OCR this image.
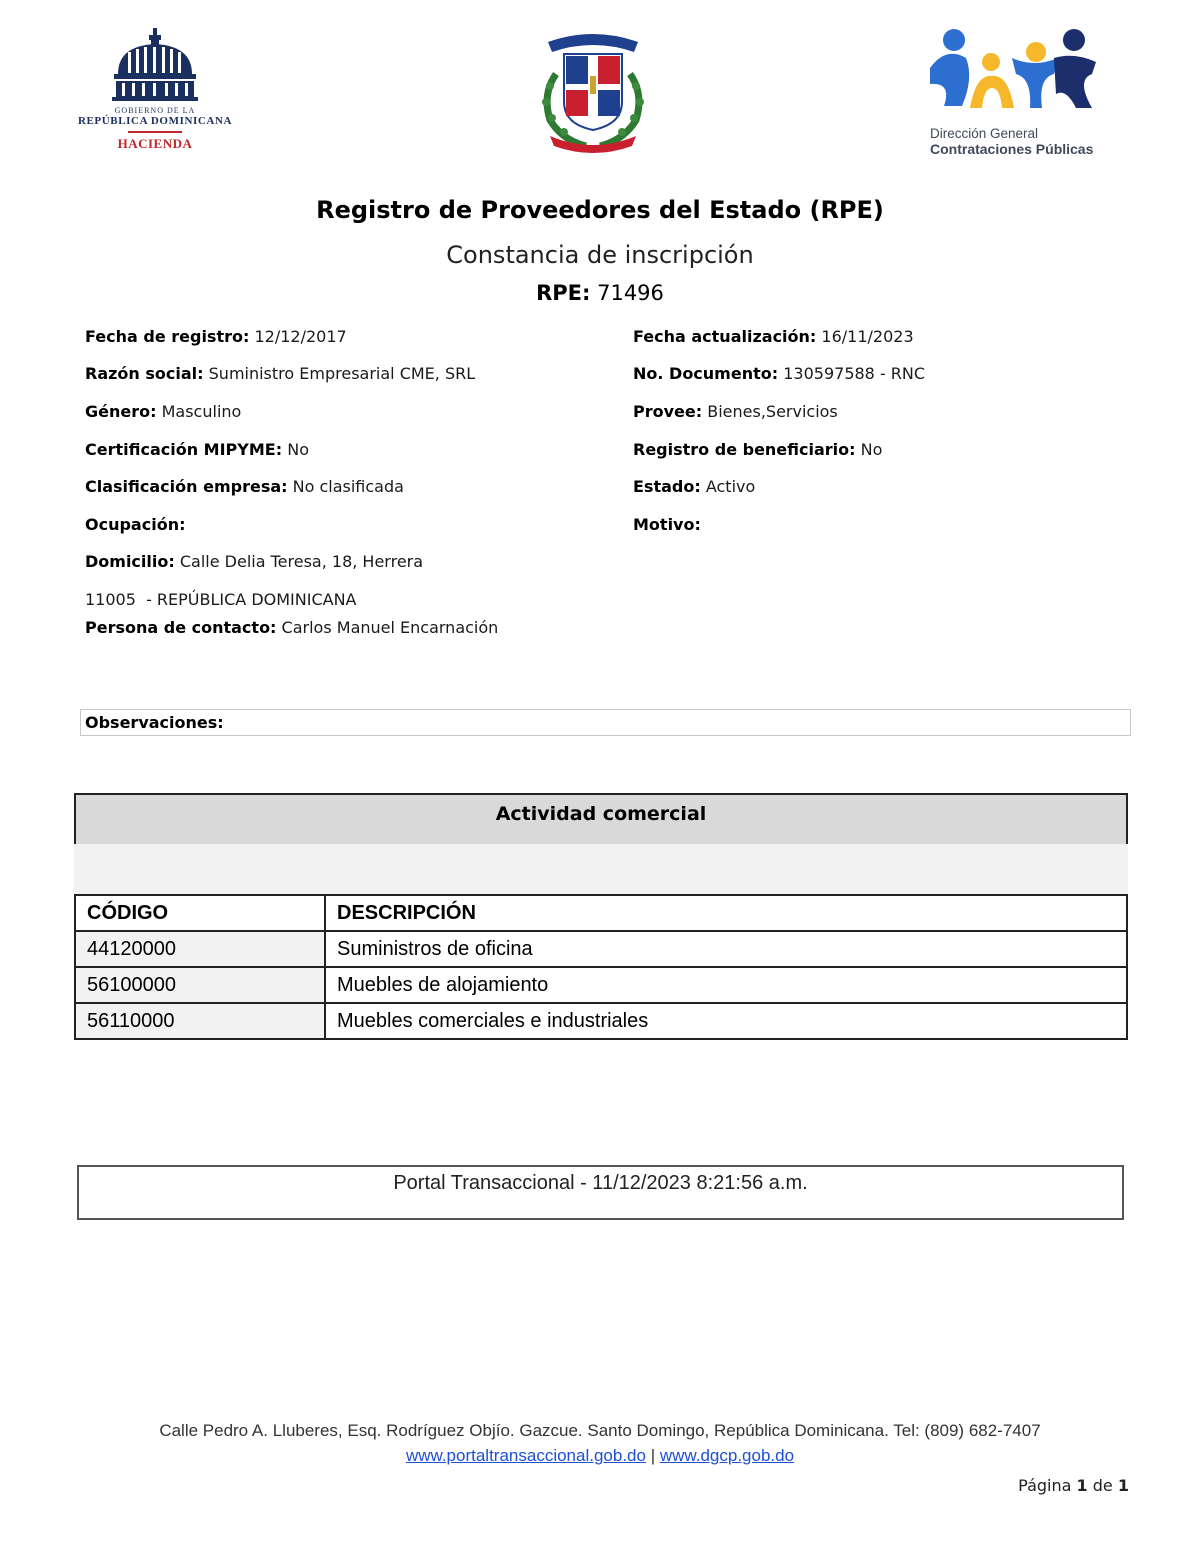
GOBIERNO DE LA
REPÚBLICA DOMINICANA
HACIENDA
Dirección General
Contrataciones Públicas
Registro de Proveedores del Estado (RPE)
Constancia de inscripción
RPE: 71496
Fecha de registro: 12/12/2017
Razón social: Suministro Empresarial CME, SRL
Género: Masculino
Certificación MIPYME: No
Clasificación empresa: No clasificada
Ocupación:
Domicilio: Calle Delia Teresa, 18, Herrera
11005  - REPÚBLICA DOMINICANA
Persona de contacto: Carlos Manuel Encarnación
Fecha actualización: 16/11/2023
No. Documento: 130597588 - RNC
Provee: Bienes,Servicios
Registro de beneficiario: No
Estado: Activo
Motivo:
Observaciones:
Actividad comercial
CÓDIGO	DESCRIPCIÓN
44120000	Suministros de oficina
56100000	Muebles de alojamiento
56110000	Muebles comerciales e industriales
Portal Transaccional - 11/12/2023 8:21:56 a.m.
Calle Pedro A. Lluberes, Esq. Rodríguez Objío. Gazcue. Santo Domingo, República Dominicana. Tel: (809) 682-7407
www.portaltransaccional.gob.do | www.dgcp.gob.do
Página 1 de 1
